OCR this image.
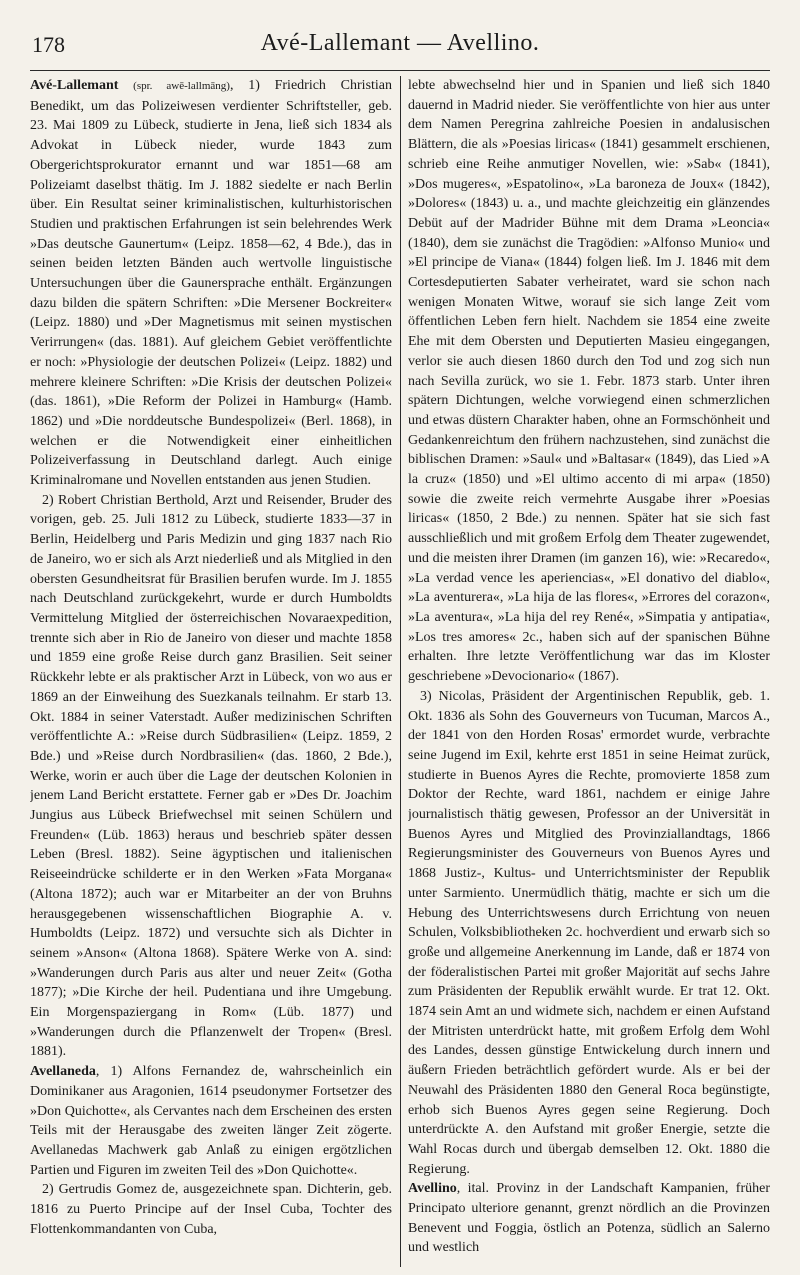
178	Avé-Lallemant — Avellino.

Avé-Lallemant (spr. awē-lallmāng), 1) Friedrich Christian Benedikt, um das Polizeiwesen verdienter Schriftsteller, geb. 23. Mai 1809 zu Lübeck, studierte in Jena, ließ sich 1834 als Advokat in Lübeck nieder, wurde 1843 zum Obergerichtsprokurator ernannt und war 1851—68 am Polizeiamt daselbst thätig. Im J. 1882 siedelte er nach Berlin über. Ein Resultat seiner kriminalistischen, kulturhistorischen Studien und praktischen Erfahrungen ist sein belehrendes Werk »Das deutsche Gaunertum« (Leipz. 1858—62, 4 Bde.), das in seinen beiden letzten Bänden auch wertvolle linguistische Untersuchungen über die Gaunersprache enthält. Ergänzungen dazu bilden die spätern Schriften: »Die Mersener Bockreiter« (Leipz. 1880) und »Der Magnetismus mit seinen mystischen Verirrungen« (das. 1881). Auf gleichem Gebiet veröffentlichte er noch: »Physiologie der deutschen Polizei« (Leipz. 1882) und mehrere kleinere Schriften: »Die Krisis der deutschen Polizei« (das. 1861), »Die Reform der Polizei in Hamburg« (Hamb. 1862) und »Die norddeutsche Bundespolizei« (Berl. 1868), in welchen er die Notwendigkeit einer einheitlichen Polizeiverfassung in Deutschland darlegt. Auch einige Kriminalromane und Novellen entstanden aus jenen Studien.

2) Robert Christian Berthold, Arzt und Reisender, Bruder des vorigen, geb. 25. Juli 1812 zu Lübeck, studierte 1833—37 in Berlin, Heidelberg und Paris Medizin und ging 1837 nach Rio de Janeiro, wo er sich als Arzt niederließ und als Mitglied in den obersten Gesundheitsrat für Brasilien berufen wurde. Im J. 1855 nach Deutschland zurückgekehrt, wurde er durch Humboldts Vermittelung Mitglied der österreichischen Novaraexpedition, trennte sich aber in Rio de Janeiro von dieser und machte 1858 und 1859 eine große Reise durch ganz Brasilien. Seit seiner Rückkehr lebte er als praktischer Arzt in Lübeck, von wo aus er 1869 an der Einweihung des Suezkanals teilnahm. Er starb 13. Okt. 1884 in seiner Vaterstadt. Außer medizinischen Schriften veröffentlichte A.: »Reise durch Südbrasilien« (Leipz. 1859, 2 Bde.) und »Reise durch Nordbrasilien« (das. 1860, 2 Bde.), Werke, worin er auch über die Lage der deutschen Kolonien in jenem Land Bericht erstattete. Ferner gab er »Des Dr. Joachim Jungius aus Lübeck Briefwechsel mit seinen Schülern und Freunden« (Lüb. 1863) heraus und beschrieb später dessen Leben (Bresl. 1882). Seine ägyptischen und italienischen Reiseeindrücke schilderte er in den Werken »Fata Morgana« (Altona 1872); auch war er Mitarbeiter an der von Bruhns herausgegebenen wissenschaftlichen Biographie A. v. Humboldts (Leipz. 1872) und versuchte sich als Dichter in seinem »Anson« (Altona 1868). Spätere Werke von A. sind: »Wanderungen durch Paris aus alter und neuer Zeit« (Gotha 1877); »Die Kirche der heil. Pudentiana und ihre Umgebung. Ein Morgenspaziergang in Rom« (Lüb. 1877) und »Wanderungen durch die Pflanzenwelt der Tropen« (Bresl. 1881).

Avellaneda, 1) Alfons Fernandez de, wahrscheinlich ein Dominikaner aus Aragonien, 1614 pseudonymer Fortsetzer des »Don Quichotte«, als Cervantes nach dem Erscheinen des ersten Teils mit der Herausgabe des zweiten länger Zeit zögerte. Avellanedas Machwerk gab Anlaß zu einigen ergötzlichen Partien und Figuren im zweiten Teil des »Don Quichotte«.

2) Gertrudis Gomez de, ausgezeichnete span. Dichterin, geb. 1816 zu Puerto Principe auf der Insel Cuba, Tochter des Flottenkommandanten von Cuba,

lebte abwechselnd hier und in Spanien und ließ sich 1840 dauernd in Madrid nieder. Sie veröffentlichte von hier aus unter dem Namen Peregrina zahlreiche Poesien in andalusischen Blättern, die als »Poesias liricas« (1841) gesammelt erschienen, schrieb eine Reihe anmutiger Novellen, wie: »Sab« (1841), »Dos mugeres«, »Espatolino«, »La baroneza de Joux« (1842), »Dolores« (1843) u. a., und machte gleichzeitig ein glänzendes Debüt auf der Madrider Bühne mit dem Drama »Leoncia« (1840), dem sie zunächst die Tragödien: »Alfonso Munio« und »El principe de Viana« (1844) folgen ließ. Im J. 1846 mit dem Cortesdeputierten Sabater verheiratet, ward sie schon nach wenigen Monaten Witwe, worauf sie sich lange Zeit vom öffentlichen Leben fern hielt. Nachdem sie 1854 eine zweite Ehe mit dem Obersten und Deputierten Masieu eingegangen, verlor sie auch diesen 1860 durch den Tod und zog sich nun nach Sevilla zurück, wo sie 1. Febr. 1873 starb. Unter ihren spätern Dichtungen, welche vorwiegend einen schmerzlichen und etwas düstern Charakter haben, ohne an Formschönheit und Gedankenreichtum den frühern nachzustehen, sind zunächst die biblischen Dramen: »Saul« und »Baltasar« (1849), das Lied »A la cruz« (1850) und »El ultimo accento di mi arpa« (1850) sowie die zweite reich vermehrte Ausgabe ihrer »Poesias liricas« (1850, 2 Bde.) zu nennen. Später hat sie sich fast ausschließlich und mit großem Erfolg dem Theater zugewendet, und die meisten ihrer Dramen (im ganzen 16), wie: »Recaredo«, »La verdad vence les aperiencias«, »El donativo del diablo«, »La aventurera«, »La hija de las flores«, »Errores del corazon«, »La aventura«, »La hija del rey René«, »Simpatia y antipatia«, »Los tres amores« 2c., haben sich auf der spanischen Bühne erhalten. Ihre letzte Veröffentlichung war das im Kloster geschriebene »Devocionario« (1867).

3) Nicolas, Präsident der Argentinischen Republik, geb. 1. Okt. 1836 als Sohn des Gouverneurs von Tucuman, Marcos A., der 1841 von den Horden Rosas' ermordet wurde, verbrachte seine Jugend im Exil, kehrte erst 1851 in seine Heimat zurück, studierte in Buenos Ayres die Rechte, promovierte 1858 zum Doktor der Rechte, ward 1861, nachdem er einige Jahre journalistisch thätig gewesen, Professor an der Universität in Buenos Ayres und Mitglied des Provinziallandtags, 1866 Regierungsminister des Gouverneurs von Buenos Ayres und 1868 Justiz-, Kultus- und Unterrichtsminister der Republik unter Sarmiento. Unermüdlich thätig, machte er sich um die Hebung des Unterrichtswesens durch Errichtung von neuen Schulen, Volksbibliotheken 2c. hochverdient und erwarb sich so große und allgemeine Anerkennung im Lande, daß er 1874 von der föderalistischen Partei mit großer Majorität auf sechs Jahre zum Präsidenten der Republik erwählt wurde. Er trat 12. Okt. 1874 sein Amt an und widmete sich, nachdem er einen Aufstand der Mitristen unterdrückt hatte, mit großem Erfolg dem Wohl des Landes, dessen günstige Entwickelung durch innern und äußern Frieden beträchtlich gefördert wurde. Als er bei der Neuwahl des Präsidenten 1880 den General Roca begünstigte, erhob sich Buenos Ayres gegen seine Regierung. Doch unterdrückte A. den Aufstand mit großer Energie, setzte die Wahl Rocas durch und übergab demselben 12. Okt. 1880 die Regierung.

Avellino, ital. Provinz in der Landschaft Kampanien, früher Principato ulteriore genannt, grenzt nördlich an die Provinzen Benevent und Foggia, östlich an Potenza, südlich an Salerno und westlich
